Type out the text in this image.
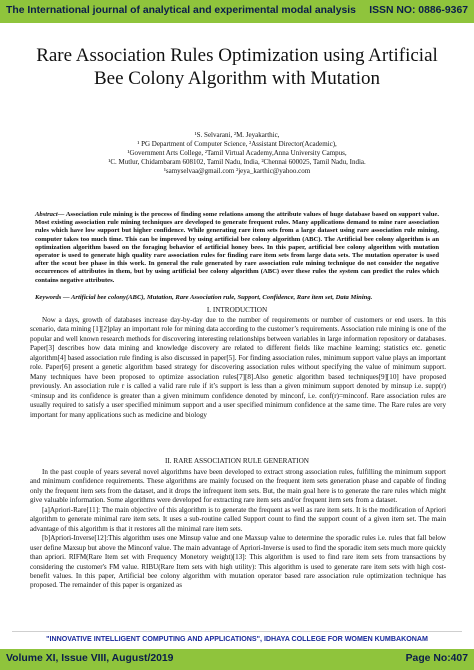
The International journal of analytical and experimental modal analysis ISSN NO: 0886-9367
Rare Association Rules Optimization using Artificial
Bee Colony Algorithm with Mutation
¹S. Selvarani, ²M. Jeyakarthic,
¹ PG Department of Computer Science, ²Assistant Director(Academic),
¹Government Arts College, ²Tamil Virtual Academy,Anna University Campus,
¹C. Mutlur, Chidambaram 608102, Tamil Nadu, India, ²Chennai 600025, Tamil Nadu, India.
¹samyselvaa@gmail.com ²jeya_karthic@yahoo.com
Abstract— Association rule mining is the process of finding some relations among the attribute values of huge database based on support value. Most existing association rule mining techniques are developed to generate frequent rules. Many applications demand to mine rare association rules which have low support but higher confidence. While generating rare item sets from a large dataset using rare association rule mining, computer takes too much time. This can be improved by using artificial bee colony algorithm (ABC). The Artificial bee colony algorithm is an optimization algorithm based on the foraging behavior of artificial honey bees. In this paper, artificial bee colony algorithm with mutation operator is used to generate high quality rare association rules for finding rare item sets from large data sets. The mutation operator is used after the scout bee phase in this work. In general the rule generated by rare association rule mining technique do not consider the negative occurrences of attributes in them, but by using artificial bee colony algorithm (ABC) over these rules the system can predict the rules which contains negative attributes.
Keywords — Artificial bee colony(ABC), Mutation, Rare Association rule, Support, Confidence, Rare item set, Data Mining.
I. INTRODUCTION

Now a days, growth of databases increase day-by-day due to the number of requirements or number of customers or end users. In this scenario, data mining [1][2]play an important role for mining data according to the customer’s requirements. Association rule mining is one of the popular and well known research methods for discovering interesting relationships between variables in large information repository or databases. Paper[3] describes how data mining and knowledge discovery are related to different fields like machine learning; statistics etc. genetic algorithm[4] based association rule finding is also discussed in paper[5]. For finding association rules, minimum support value plays an important role. Paper[6] present a genetic algorithm based strategy for discovering association rules without specifying the value of minimum support. Many techniques have been proposed to optimize association rules[7][8].Also genetic algorithm based techniques[9][10] have proposed previously. An association rule r is called a valid rare rule if it’s support is less than a given minimum support denoted by minsup i.e. supp(r) <minsup and its confidence is greater than a given minimum confidence denoted by minconf, i.e. conf(r)=minconf. Rare association rules are usually required to satisfy a user specified minimum support and a user specified minimum confidence at the same time. The Rare rules are very important for many applications such as medicine and biology

II. RARE ASSOCIATION RULE GENERATION

In the past couple of years several novel algorithms have been developed to extract strong association rules, fulfilling the minimum support and minimum confidence requirements. These algorithms are mainly focused on the frequent item sets generation phase and capable of finding only the frequent item sets from the dataset, and it drops the infrequent item sets. But, the main goal here is to generate the rare rules which might give valuable information. Some algorithms were developed for extracting rare item sets and/or frequent item sets from a dataset.

[a]Apriori-Rare[11]: The main objective of this algorithm is to generate the frequent as well as rare item sets. It is the modification of Apriori algorithm to generate minimal rare item sets. It uses a sub-routine called Support count to find the support count of a given item set. The main advantage of this algorithm is that it restores all the minimal rare item sets.

[b]Apriori-Inverse[12]:This algorithm uses one Minsup value and one Maxsup value to determine the sporadic rules i.e. rules that fall below user define Maxsup but above the Minconf value. The main advantage of Apriori-Inverse is used to find the sporadic item sets much more quickly than apriori. RIFM(Rare Item set with Frequency Monetory weight)[13]: This algorithm is used to find rare item sets from transactions by considering the customer's FM value. RIBU(Rare Item sets with high utility): This algorithm is used to generate rare item sets with high cost-benefit values. In this paper, Artificial bee colony algorithm with mutation operator based rare association rule optimization technique has proposed. The remainder of this paper is organized as

"INNOVATIVE INTELLIGENT COMPUTING AND APPLICATIONS", IDHAYA COLLEGE FOR WOMEN KUMBAKONAM
Volume XI, Issue VIII, August/2019	Page No:407
